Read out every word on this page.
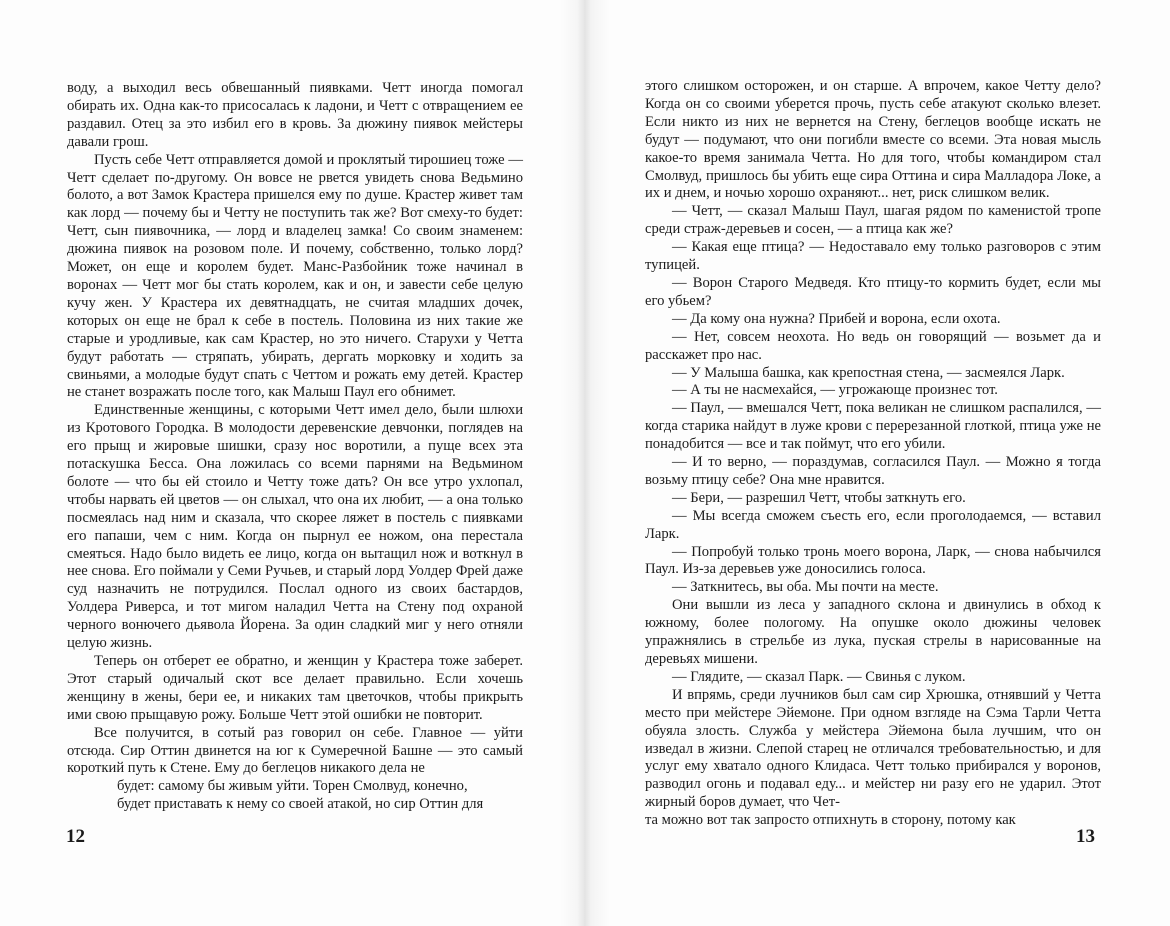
воду, а выходил весь обвешанный пиявками. Четт иногда помогал обирать их. Одна как-то присосалась к ладони, и Четт с отвращением ее раздавил. Отец за это избил его в кровь. За дюжину пиявок мейстеры давали грош.

Пусть себе Четт отправляется домой и проклятый тирошиец тоже — Четт сделает по-другому. Он вовсе не рвется увидеть снова Ведьмино болото, а вот Замок Крастера пришелся ему по душе. Крастер живет там как лорд — почему бы и Четту не поступить так же? Вот смеху-то будет: Четт, сын пиявочника, — лорд и владелец замка! Со своим знаменем: дюжина пиявок на розовом поле. И почему, собственно, только лорд? Может, он еще и королем будет. Манс-Разбойник тоже начинал в воронах — Четт мог бы стать королем, как и он, и завести себе целую кучу жен. У Крастера их девятнадцать, не считая младших дочек, которых он еще не брал к себе в постель. Половина из них такие же старые и уродливые, как сам Крастер, но это ничего. Старухи у Четта будут работать — стряпать, убирать, дергать морковку и ходить за свиньями, а молодые будут спать с Четтом и рожать ему детей. Крастер не станет возражать после того, как Малыш Паул его обнимет.

Единственные женщины, с которыми Четт имел дело, были шлюхи из Кротового Городка. В молодости деревенские девчонки, поглядев на его прыщ и жировые шишки, сразу нос воротили, а пуще всех эта потаскушка Бесса. Она ложилась со всеми парнями на Ведьмином болоте — что бы ей стоило и Четту тоже дать? Он все утро ухлопал, чтобы нарвать ей цветов — он слыхал, что она их любит, — а она только посмеялась над ним и сказала, что скорее ляжет в постель с пиявками его папаши, чем с ним. Когда он пырнул ее ножом, она перестала смеяться. Надо было видеть ее лицо, когда он вытащил нож и воткнул в нее снова. Его поймали у Семи Ручьев, и старый лорд Уолдер Фрей даже суд назначить не потрудился. Послал одного из своих бастардов, Уолдера Риверса, и тот мигом наладил Четта на Стену под охраной черного вонючего дьявола Йорена. За один сладкий миг у него отняли целую жизнь.

Теперь он отберет ее обратно, и женщин у Крастера тоже заберет. Этот старый одичалый скот все делает правильно. Если хочешь женщину в жены, бери ее, и никаких там цветочков, чтобы прикрыть ими свою прыщавую рожу. Больше Четт этой ошибки не повторит.

Все получится, в сотый раз говорил он себе. Главное — уйти отсюда. Сир Оттин двинется на юг к Сумеречной Башне — это самый короткий путь к Стене. Ему до беглецов никакого дела не

будет: самому бы живым уйти. Торен Смолвуд, конечно,

будет приставать к нему со своей атакой, но сир Оттин для

12

этого слишком осторожен, и он старше. А впрочем, какое Четту дело? Когда он со своими уберется прочь, пусть себе атакуют сколько влезет. Если никто из них не вернется на Стену, беглецов вообще искать не будут — подумают, что они погибли вместе со всеми. Эта новая мысль какое-то время занимала Четта. Но для того, чтобы командиром стал Смолвуд, пришлось бы убить еще сира Оттина и сира Малладора Локе, а их и днем, и ночью хорошо охраняют... нет, риск слишком велик.

— Четт, — сказал Малыш Паул, шагая рядом по каменистой тропе среди страж-деревьев и сосен, — а птица как же?

— Какая еще птица? — Недоставало ему только разговоров с этим тупицей.

— Ворон Старого Медведя. Кто птицу-то кормить будет, если мы его убьем?

— Да кому она нужна? Прибей и ворона, если охота.

— Нет, совсем неохота. Но ведь он говорящий — возьмет да и расскажет про нас.

— У Малыша башка, как крепостная стена, — засмеялся Ларк.

— А ты не насмехайся, — угрожающе произнес тот.

— Паул, — вмешался Четт, пока великан не слишком распалился, — когда старика найдут в луже крови с перерезанной глоткой, птица уже не понадобится — все и так поймут, что его убили.

— И то верно, — пораздумав, согласился Паул. — Можно я тогда возьму птицу себе? Она мне нравится.

— Бери, — разрешил Четт, чтобы заткнуть его.

— Мы всегда сможем съесть его, если проголодаемся, — вставил Ларк.

— Попробуй только тронь моего ворона, Ларк, — снова набычился Паул. Из-за деревьев уже доносились голоса.

— Заткнитесь, вы оба. Мы почти на месте.

Они вышли из леса у западного склона и двинулись в обход к южному, более пологому. На опушке около дюжины человек упражнялись в стрельбе из лука, пуская стрелы в нарисованные на деревьях мишени.

— Глядите, — сказал Парк. — Свинья с луком.

И впрямь, среди лучников был сам сир Хрюшка, отнявший у Четта место при мейстере Эйемоне. При одном взгляде на Сэма Тарли Четта обуяла злость. Служба у мейстера Эйемона была лучшим, что он изведал в жизни. Слепой старец не отличался требовательностью, и для услуг ему хватало одного Клидаса. Четт только прибирался у воронов, разводил огонь и подавал еду... и мейстер ни разу его не ударил. Этот жирный боров думает, что Чет-

та можно вот так запросто отпихнуть в сторону, потому как

13
